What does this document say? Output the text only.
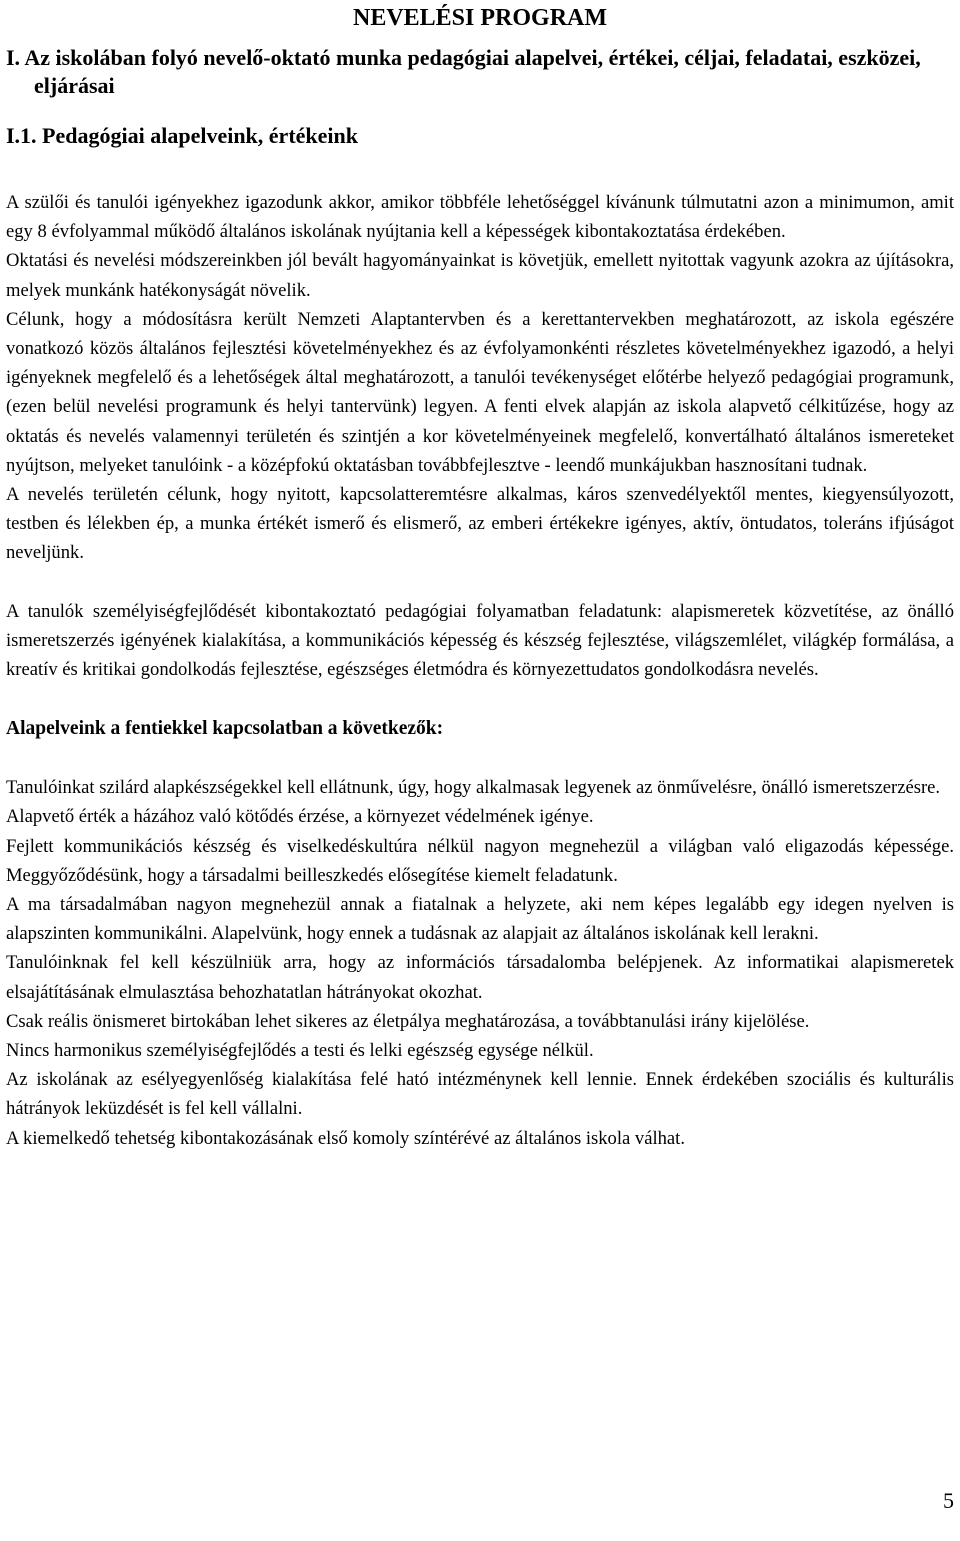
NEVELÉSI PROGRAM
I. Az iskolában folyó nevelő-oktató munka pedagógiai alapelvei, értékei, céljai, feladatai, eszközei, eljárásai
I.1. Pedagógiai alapelveink, értékeink

A szülői és tanulói igényekhez igazodunk akkor, amikor többféle lehetőséggel kívánunk túlmutatni azon a minimumon, amit egy 8 évfolyammal működő általános iskolának nyújtania kell a képességek kibontakoztatása érdekében.

Oktatási és nevelési módszereinkben jól bevált hagyományainkat is követjük, emellett nyitottak vagyunk azokra az újításokra, melyek munkánk hatékonyságát növelik.

Célunk, hogy a módosításra került Nemzeti Alaptantervben és a kerettantervekben meghatározott, az iskola egészére vonatkozó közös általános fejlesztési követelményekhez és az évfolyamonkénti részletes követelményekhez igazodó, a helyi igényeknek megfelelő és a lehetőségek által meghatározott, a tanulói tevékenységet előtérbe helyező pedagógiai programunk, (ezen belül nevelési programunk és helyi tantervünk) legyen. A fenti elvek alapján az iskola alapvető célkitűzése, hogy az oktatás és nevelés valamennyi területén és szintjén a kor követelményeinek megfelelő, konvertálható általános ismereteket nyújtson, melyeket tanulóink - a középfokú oktatásban továbbfejlesztve - leendő munkájukban hasznosítani tudnak.

A nevelés területén célunk, hogy nyitott, kapcsolatteremtésre alkalmas, káros szenvedélyektől mentes, kiegyensúlyozott, testben és lélekben ép, a munka értékét ismerő és elismerő, az emberi értékekre igényes, aktív, öntudatos, toleráns ifjúságot neveljünk.

A tanulók személyiségfejlődését kibontakoztató pedagógiai folyamatban feladatunk: alapismeretek közvetítése, az önálló ismeretszerzés igényének kialakítása, a kommunikációs képesség és készség fejlesztése, világszemlélet, világkép formálása, a kreatív és kritikai gondolkodás fejlesztése, egészséges életmódra és környezettudatos gondolkodásra nevelés.

Alapelveink a fentiekkel kapcsolatban a következők:

Tanulóinkat szilárd alapkészségekkel kell ellátnunk, úgy, hogy alkalmasak legyenek az önművelésre, önálló ismeretszerzésre.

Alapvető érték a házához való kötődés érzése, a környezet védelmének igénye.

Fejlett kommunikációs készség és viselkedéskultúra nélkül nagyon megnehezül a világban való eligazodás képessége. Meggyőződésünk, hogy a társadalmi beilleszkedés elősegítése kiemelt feladatunk.

A ma társadalmában nagyon megnehezül annak a fiatalnak a helyzete, aki nem képes legalább egy idegen nyelven is alapszinten kommunikálni. Alapelvünk, hogy ennek a tudásnak az alapjait az általános iskolának kell lerakni.

Tanulóinknak fel kell készülniük arra, hogy az információs társadalomba belépjenek. Az informatikai alapismeretek elsajátításának elmulasztása behozhatatlan hátrányokat okozhat.

Csak reális önismeret birtokában lehet sikeres az életpálya meghatározása, a továbbtanulási irány kijelölése.

Nincs harmonikus személyiségfejlődés a testi és lelki egészség egysége nélkül.

Az iskolának az esélyegyenlőség kialakítása felé ható intézménynek kell lennie. Ennek érdekében szociális és kulturális hátrányok leküzdését is fel kell vállalni.

A kiemelkedő tehetség kibontakozásának első komoly színtérévé az általános iskola válhat.

5
